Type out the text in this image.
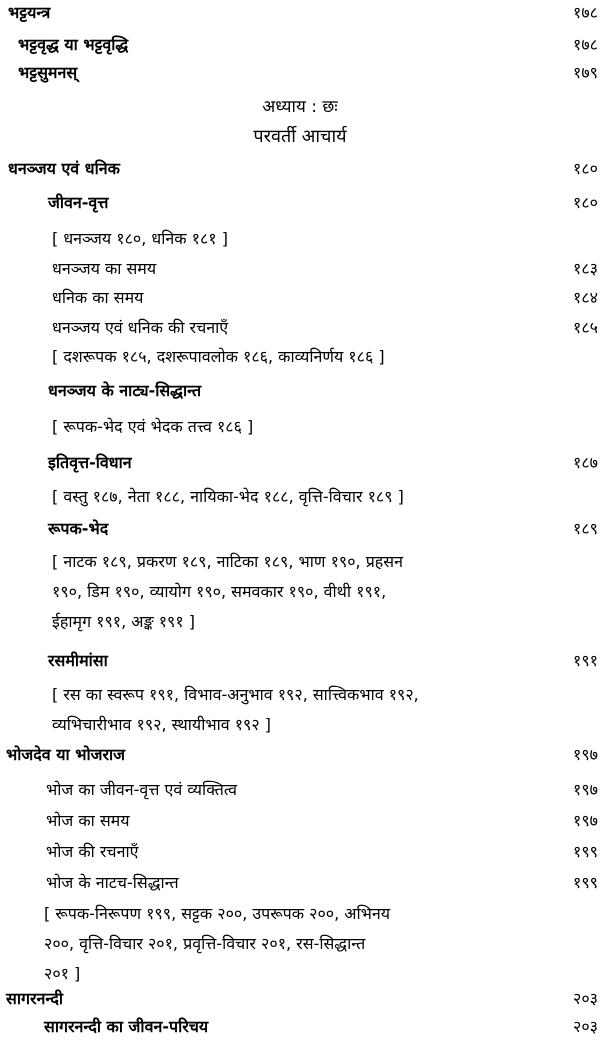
भट्टयन्त्र	१७८
भट्टवृद्ध या भट्टवृद्धि	१७८
भट्टसुमनस्	१७९
अध्याय : छः
परवर्ती आचार्य
धनञ्जय एवं धनिक	१८०
जीवन-वृत्त	१८०
[ धनञ्जय १८०, धनिक १८१ ]
धनञ्जय का समय	१८३
धनिक का समय	१८४
धनञ्जय एवं धनिक की रचनाएँ	१८५
[ दशरूपक १८५, दशरूपावलोक १८६, काव्यनिर्णय १८६ ]
धनञ्जय के नाट्य-सिद्धान्त
[ रूपक-भेद एवं भेदक तत्त्व १८६ ]
इतिवृत्त-विधान	१८७
[ वस्तु १८७, नेता १८८, नायिका-भेद १८८, वृत्ति-विचार १८९ ]
रूपक-भेद	१८९
[ नाटक १८९, प्रकरण १८९, नाटिका १८९, भाण १९०, प्रहसन
१९०, डिम १९०, व्यायोग १९०, समवकार १९०, वीथी १९१,
ईहामृग १९१, अङ्क १९१ ]
रसमीमांसा	१९१
[ रस का स्वरूप १९१, विभाव-अनुभाव १९२, सात्त्विकभाव १९२,
व्यभिचारीभाव १९२, स्थायीभाव १९२ ]
भोजदेव या भोजराज	१९७
भोज का जीवन-वृत्त एवं व्यक्तित्व	१९७
भोज का समय	१९७
भोज की रचनाएँ	१९९
भोज के नाटच-सिद्धान्त	१९९
[ रूपक-निरूपण १९९, सट्टक २००, उपरूपक २००, अभिनय
२००, वृत्ति-विचार २०१, प्रवृत्ति-विचार २०१, रस-सिद्धान्त
२०१ ]
सागरनन्दी	२०३
सागरनन्दी का जीवन-परिचय	२०३
